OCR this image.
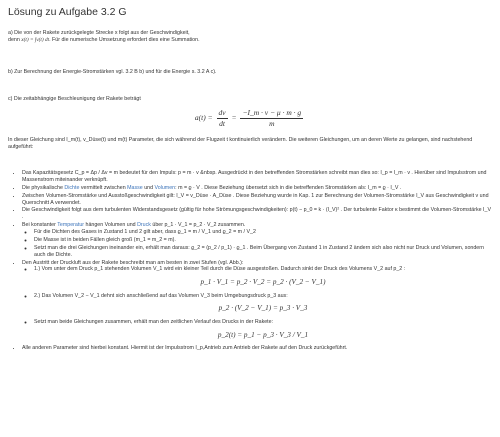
Lösung zu Aufgabe 3.2 G
a) Die von der Rakete zurückgelegte Strecke x folgt aus der Geschwindigkeit,
denn x(t) = ∫v(t) dt. Für die numerische Umsetzung erfordert dies eine Summation.
b) Zur Berechnung der Energie-Stromstärken vgl. 3.2 B b) und für die Energie s. 3.2 A c).
c) Die zeitabhängige Beschleunigung der Rakete beträgt
$a(t) = \frac{dv}{dt} = \frac{-I\_m \cdot v - \mu \cdot m \cdot g}{m}$
In dieser Gleichung sind I_m(t), v_Düse(t) und m(t) Parameter, die sich während der Flugzeit t kontinuierlich verändern. Die weiteren Gleichungen, um an deren Werte zu gelangen, sind nachstehend aufgeführt:
• Das Kapazitätsgesetz C_p = Δp / Δv = m bedeutet für den Impuls: p = m · v &nbsp. Ausgedrückt in den betreffenden Stromstärken schreibt man dies so: I_p = I_m · v . Hierüber sind Impulsstrom und Massenstrom miteinander verknüpft.
• Die physikalische Dichte vermittelt zwischen Masse und Volumen: m = ϱ · V . Diese Beziehung übersetzt sich in die betreffenden Stromstärken als: I_m = ϱ · I_V .
• Zwischen Volumen-Stromstärke und Ausstoßgeschwindigkeit gilt: I_V = v_Düse · A_Düse . Diese Beziehung wurde in Kap. 1 zur Berechnung der Volumen-Stromstärke I_V aus Geschwindigkeit v und Querschnitt A verwendet.
• Die Geschwindigkeit folgt aus dem turbulenten Widerstandsgesetz (gültig für hohe Strömungsgeschwindigkeiten): p(t) − p_0 = k · (I_V)² . Der turbulente Faktor κ bestimmt die Volumen-Stromstärke I_V .
• Bei konstanter Temperatur hängen Volumen und Druck über p_1 · V_1 = p_2 · V_2 zusammen.
◦ Für die Dichten des Gases in Zustand 1 und 2 gilt aber, dass ϱ_1 = m / V_1 und ϱ_2 = m / V_2
◦ Die Masse ist in beiden Fällen gleich groß (m_1 = m_2 = m).
◦ Setzt man die drei Gleichungen ineinander ein, erhält man daraus: ϱ_2 = (p_2 / p_1) · ϱ_1 . Beim Übergang von Zustand 1 in Zustand 2 ändern sich also nicht nur Druck und Volumen, sondern auch die Dichte.
• Den Austritt der Druckluft aus der Rakete beschreibt man am besten in zwei Stufen (vgl. Abb.):
◦ 1.) Vom unter dem Druck p_1 stehenden Volumen V_1 wird ein kleiner Teil durch die Düse ausgestoßen. Dadurch sinkt der Druck des Volumens V_2 auf p_2 :
p_1 · V_1 = p_2 · V_2 = p_2 · (V_2 − V_1)
◦ 2.) Das Volumen V_2 − V_1 dehnt sich anschließend auf das Volumen V_3 beim Umgebungsdruck p_3 aus:
p_2 · (V_2 − V_1) = p_3 · V_3
◦ Setzt man beide Gleichungen zusammen, erhält man den zeitlichen Verlauf des Drucks in der Rakete:
p_2(t) = p_1 − p_3 · V_3 / V_1
• Alle anderen Parameter sind hierbei konstant. Hiermit ist der Impulsstrom I_p,Antrieb zum Antrieb der Rakete auf den Druck zurückgeführt.
